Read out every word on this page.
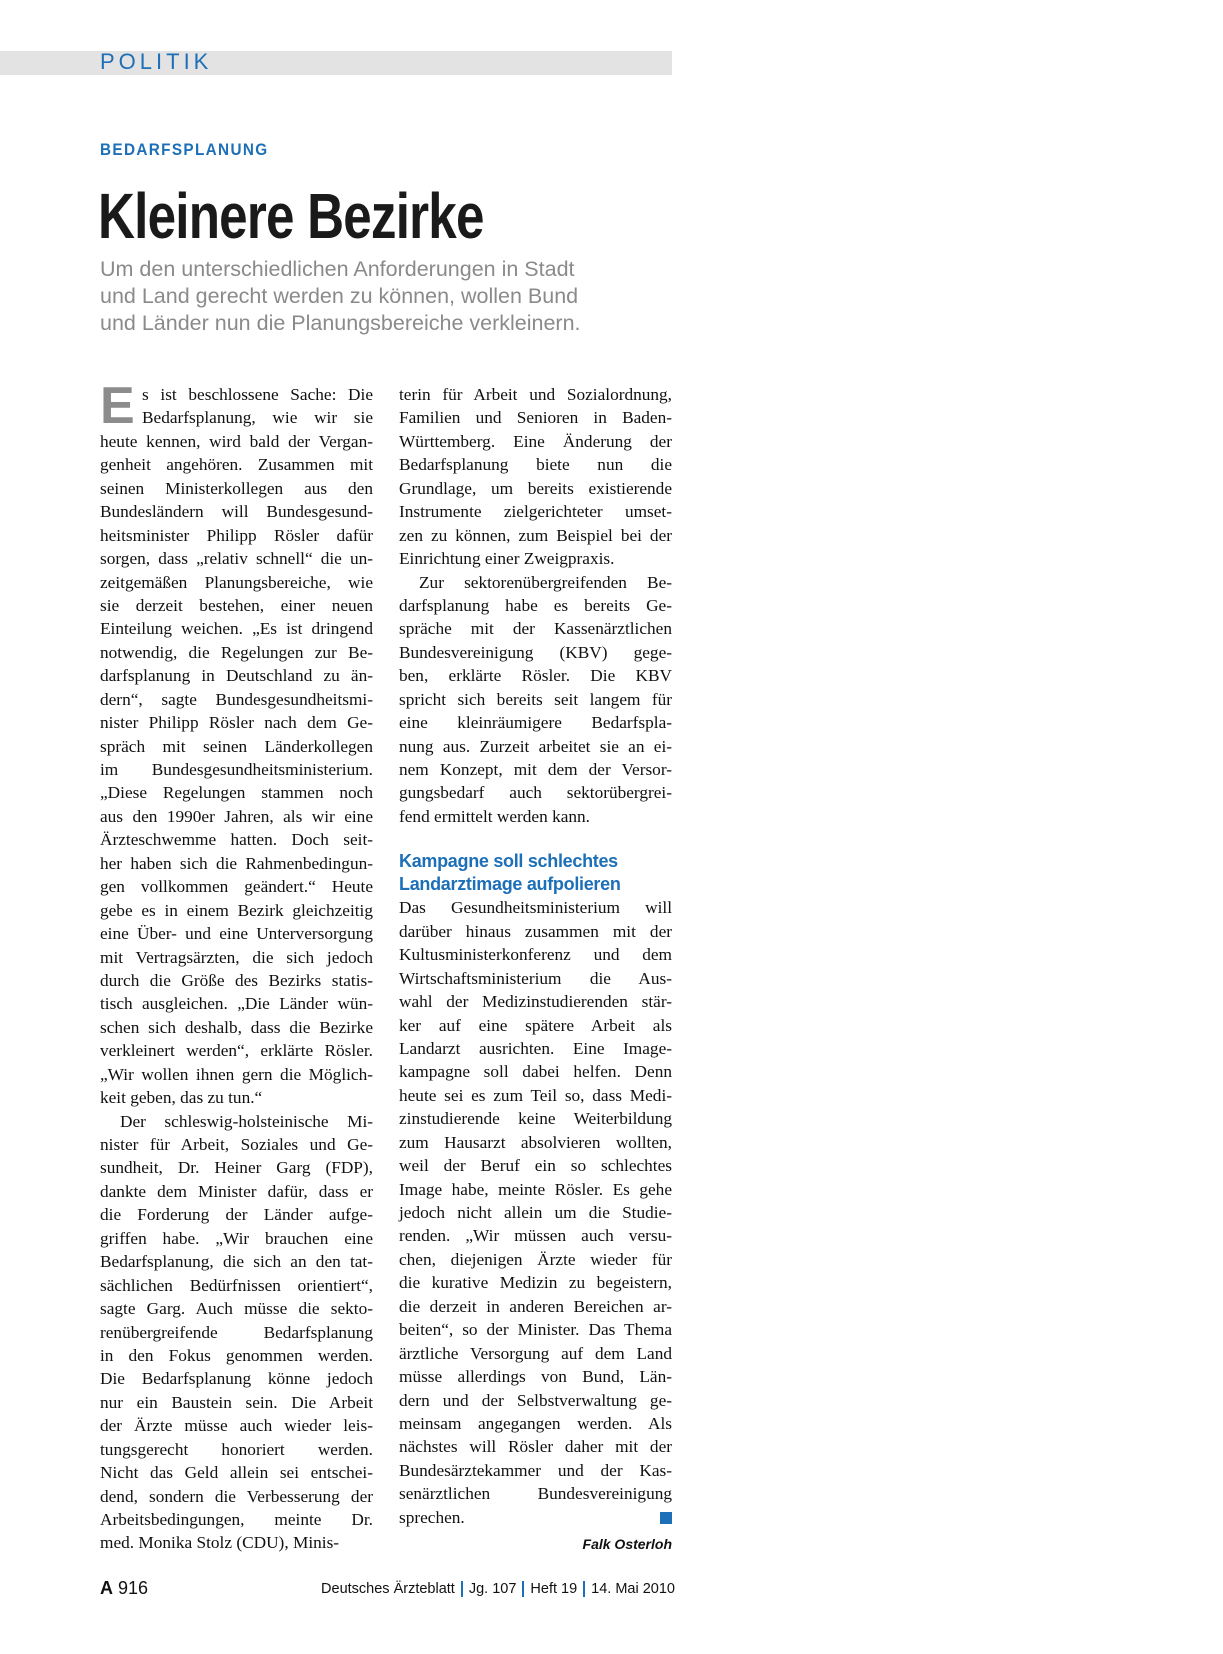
POLITIK
BEDARFSPLANUNG
Kleinere Bezirke
Um den unterschiedlichen Anforderungen in Stadt
und Land gerecht werden zu können, wollen Bund
und Länder nun die Planungsbereiche verkleinern.
E s ist beschlossene Sache: Die
Bedarfsplanung, wie wir sie
heute kennen, wird bald der Vergan-
genheit angehören. Zusammen mit
seinen Ministerkollegen aus den
Bundesländern will Bundesgesund-
heitsminister Philipp Rösler dafür
sorgen, dass „relativ schnell“ die un-
zeitgemäßen Planungsbereiche, wie
sie derzeit bestehen, einer neuen
Einteilung weichen. „Es ist dringend
notwendig, die Regelungen zur Be-
darfsplanung in Deutschland zu än-
dern“, sagte Bundesgesundheitsmi-
nister Philipp Rösler nach dem Ge-
spräch mit seinen Länderkollegen
im Bundesgesundheitsministerium.
„Diese Regelungen stammen noch
aus den 1990er Jahren, als wir eine
Ärzteschwemme hatten. Doch seit-
her haben sich die Rahmenbedingun-
gen vollkommen geändert.“ Heute
gebe es in einem Bezirk gleichzeitig
eine Über- und eine Unterversorgung
mit Vertragsärzten, die sich jedoch
durch die Größe des Bezirks statis-
tisch ausgleichen. „Die Länder wün-
schen sich deshalb, dass die Bezirke
verkleinert werden“, erklärte Rösler.
„Wir wollen ihnen gern die Möglich-
keit geben, das zu tun.“
Der schleswig-holsteinische Mi-
nister für Arbeit, Soziales und Ge-
sundheit, Dr. Heiner Garg (FDP),
dankte dem Minister dafür, dass er
die Forderung der Länder aufge-
griffen habe. „Wir brauchen eine
Bedarfsplanung, die sich an den tat-
sächlichen Bedürfnissen orientiert“,
sagte Garg. Auch müsse die sekto-
renübergreifende Bedarfsplanung
in den Fokus genommen werden.
Die Bedarfsplanung könne jedoch
nur ein Baustein sein. Die Arbeit
der Ärzte müsse auch wieder leis-
tungsgerecht honoriert werden.
Nicht das Geld allein sei entschei-
dend, sondern die Verbesserung der
Arbeitsbedingungen, meinte Dr.
med. Monika Stolz (CDU), Minis-
terin für Arbeit und Sozialordnung,
Familien und Senioren in Baden-
Württemberg. Eine Änderung der
Bedarfsplanung biete nun die
Grundlage, um bereits existierende
Instrumente zielgerichteter umset-
zen zu können, zum Beispiel bei der
Einrichtung einer Zweigpraxis.
Zur sektorenübergreifenden Be-
darfsplanung habe es bereits Ge-
spräche mit der Kassenärztlichen
Bundesvereinigung (KBV) gege-
ben, erklärte Rösler. Die KBV
spricht sich bereits seit langem für
eine kleinräumigere Bedarfspla-
nung aus. Zurzeit arbeitet sie an ei-
nem Konzept, mit dem der Versor-
gungsbedarf auch sektorübergrei-
fend ermittelt werden kann.
Kampagne soll schlechtes
Landarztimage aufpolieren
Das Gesundheitsministerium will
darüber hinaus zusammen mit der
Kultusministerkonferenz und dem
Wirtschaftsministerium die Aus-
wahl der Medizinstudierenden stär-
ker auf eine spätere Arbeit als
Landarzt ausrichten. Eine Image-
kampagne soll dabei helfen. Denn
heute sei es zum Teil so, dass Medi-
zinstudierende keine Weiterbildung
zum Hausarzt absolvieren wollten,
weil der Beruf ein so schlechtes
Image habe, meinte Rösler. Es gehe
jedoch nicht allein um die Studie-
renden. „Wir müssen auch versu-
chen, diejenigen Ärzte wieder für
die kurative Medizin zu begeistern,
die derzeit in anderen Bereichen ar-
beiten“, so der Minister. Das Thema
ärztliche Versorgung auf dem Land
müsse allerdings von Bund, Län-
dern und der Selbstverwaltung ge-
meinsam angegangen werden. Als
nächstes will Rösler daher mit der
Bundesärztekammer und der Kas-
senärztlichen Bundesvereinigung
sprechen.
Falk Osterloh
A 916	Deutsches Ärzteblatt Jg. 107 Heft 19 14. Mai 2010
